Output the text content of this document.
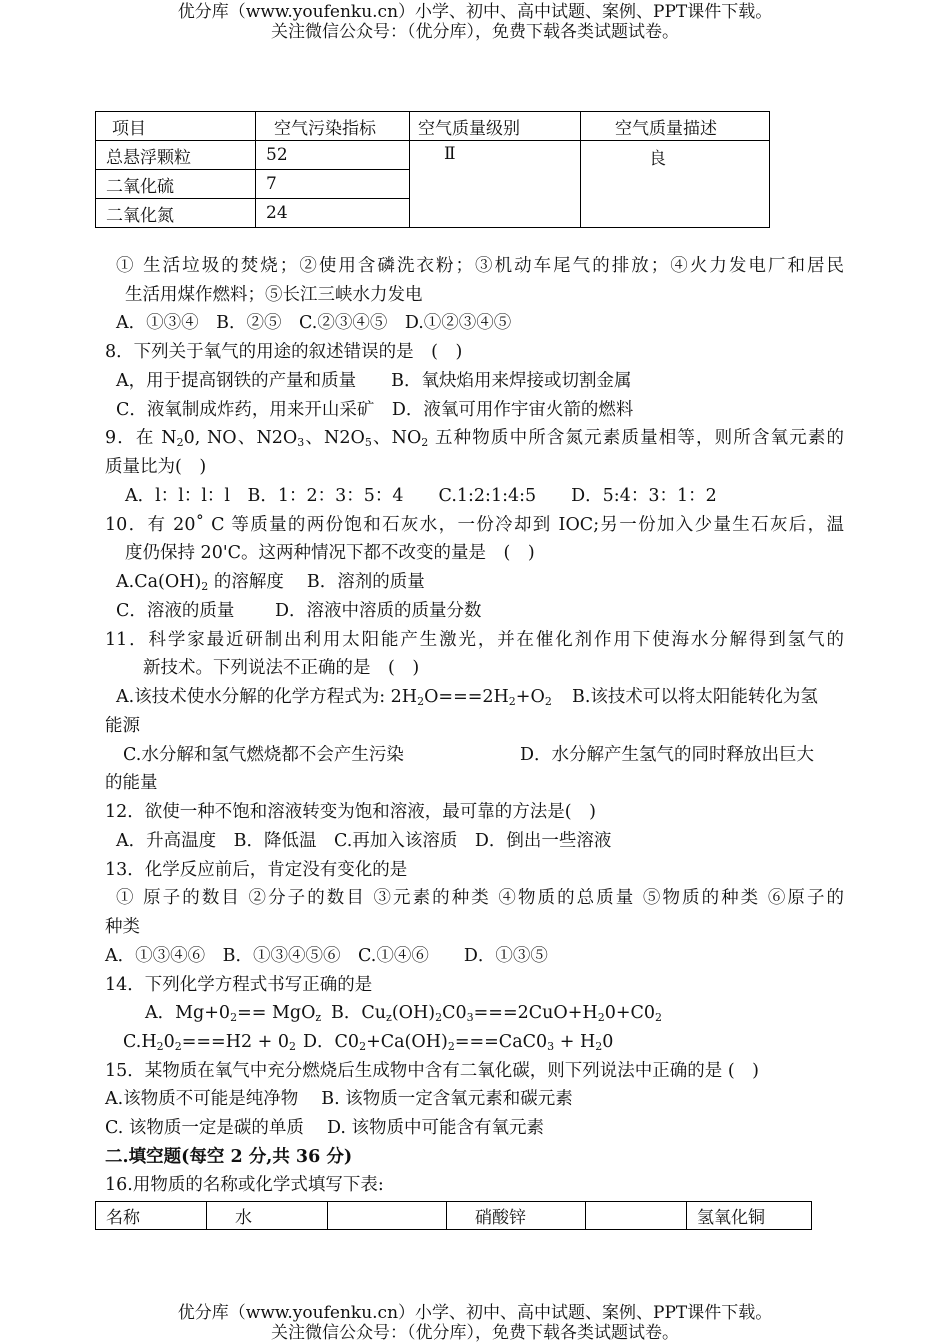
优分库（www.youfenku.cn）小学、初中、高中试题、案例、PPT课件下载。
关注微信公众号：（优分库），免费下载各类试题试卷。
项目	空气污染指标	空气质量级别	空气质量描述
总悬浮颗粒	52	Ⅱ	良
二氧化硫	7		
二氧化氮	24		
① 生活垃圾的焚烧；②使用含磷洗衣粉；③机动车尾气的排放；④火力发电厂和居民
生活用煤作燃料；⑤长江三峡水力发电
A．①③④　B．②⑤　C.②③④⑤　D.①②③④⑤
8．下列关于氧气的用途的叙述错误的是　(　)
A，用于提高钢铁的产量和质量　　B．氧炔焰用来焊接或切割金属
C．液氧制成炸药，用来开山采矿　D．液氧可用作宇宙火箭的燃料
9．在 $N_20$, NO、$N2O_3$、$N2O_5$、$NO_2$ 五种物质中所含氮元素质量相等，则所含氧元素的
质量比为(　)
A．l：l：l：l　B．1：2：3：5：4　　C.1:2:1:4:5　　D．5:4：3：1：2
10．有 20˚ C 等质量的两份饱和石灰水，一份冷却到 IOC;另一份加入少量生石灰后，温
度仍保持 20'C。这两种情况下都不改变的量是　(　)
$A.Ca(OH)_2$ 的溶解度　 B．溶剂的质量
C．溶液的质量　　 D．溶液中溶质的质量分数
11．科学家最近研制出利用太阳能产生激光，并在催化剂作用下使海水分解得到氢气的
新技术。下列说法不正确的是　(　)
A.该技术使水分解的化学方程式为: $2H_2O===2H_2+O_2$ B.该技术可以将太阳能转化为氢
能源
C.水分解和氢气燃烧都不会产生污染	D．水分解产生氢气的同时释放出巨大
的能量
12．欲使一种不饱和溶液转变为饱和溶液，最可靠的方法是(　)
A．升高温度　B．降低温　C.再加入该溶质　D．倒出一些溶液
13．化学反应前后，肯定没有变化的是
① 原子的数目 ②分子的数目 ③元素的种类 ④物质的总质量 ⑤物质的种类 ⑥原子的
种类
A．①③④⑥　B．①③④⑤⑥　C.①④⑥　　D．①③⑤
14．下列化学方程式书写正确的是
A．$Mg+0_2== MgO_z$ B．$Cu_z(OH)_2C0_3===2CuO+H_20+C0_2$
$C.H_20_2===H2 + 0_2$ D．$C0_2+Ca(OH)_2===CaC0_3 + H_20$
15．某物质在氧气中充分燃烧后生成物中含有二氧化碳，则下列说法中正确的是 (　)
A.该物质不可能是纯净物　 B. 该物质一定含氧元素和碳元素
C. 该物质一定是碳的单质　 D. 该物质中可能含有氧元素
二.填空题(每空 2 分,共 36 分)
16.用物质的名称或化学式填写下表:
名称	水		硝酸锌		氢氧化铜
优分库（www.youfenku.cn）小学、初中、高中试题、案例、PPT课件下载。
关注微信公众号：（优分库），免费下载各类试题试卷。
